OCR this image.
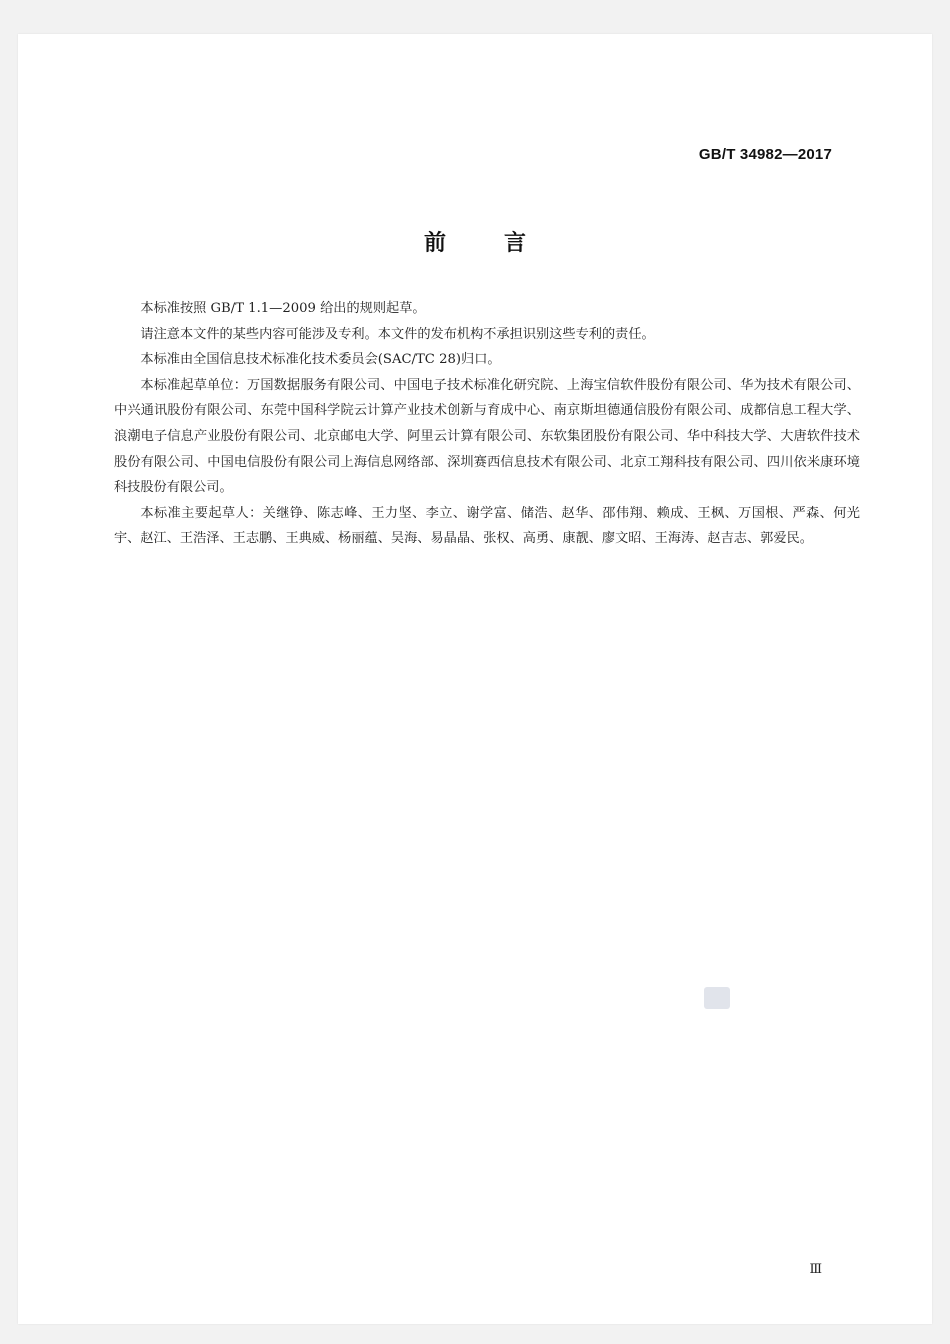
GB/T 34982—2017
前言

本标准按照 GB/T 1.1—2009 给出的规则起草。

请注意本文件的某些内容可能涉及专利。本文件的发布机构不承担识别这些专利的责任。

本标准由全国信息技术标准化技术委员会(SAC/TC 28)归口。

本标准起草单位：万国数据服务有限公司、中国电子技术标准化研究院、上海宝信软件股份有限公司、华为技术有限公司、中兴通讯股份有限公司、东莞中国科学院云计算产业技术创新与育成中心、南京斯坦德通信股份有限公司、成都信息工程大学、浪潮电子信息产业股份有限公司、北京邮电大学、阿里云计算有限公司、东软集团股份有限公司、华中科技大学、大唐软件技术股份有限公司、中国电信股份有限公司上海信息网络部、深圳赛西信息技术有限公司、北京工翔科技有限公司、四川依米康环境科技股份有限公司。

本标准主要起草人：关继铮、陈志峰、王力坚、李立、谢学富、储浩、赵华、邵伟翔、赖成、王枫、万国根、严森、何光宇、赵江、王浩泽、王志鹏、王典威、杨丽蕴、吴海、易晶晶、张权、高勇、康靓、廖文昭、王海涛、赵吉志、郭爱民。

Ⅲ
